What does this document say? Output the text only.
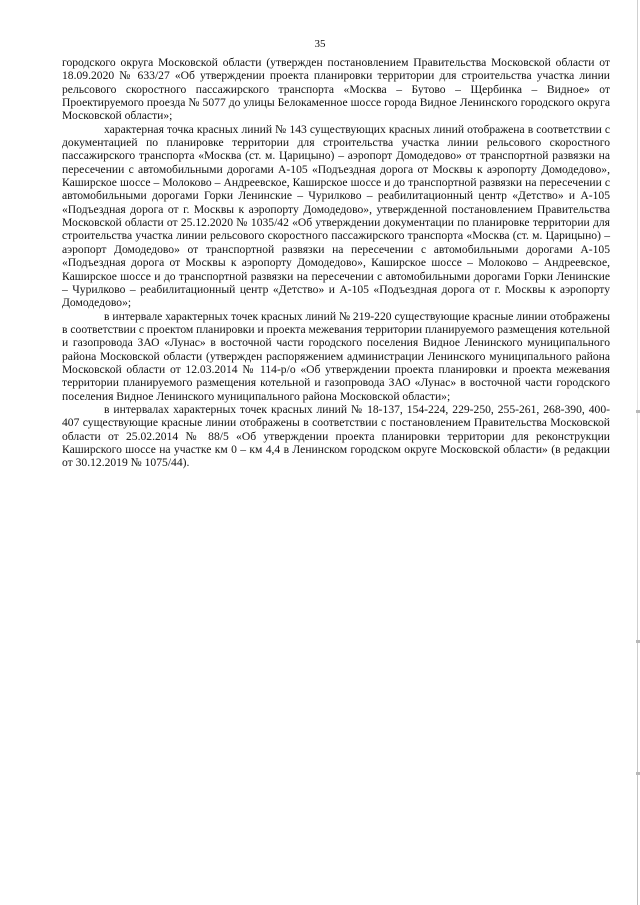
35

городского округа Московской области (утвержден постановлением Правительства Московской области от 18.09.2020 № 633/27 «Об утверждении проекта планировки территории для строительства участка линии рельсового скоростного пассажирского транспорта «Москва – Бутово – Щербинка – Видное» от Проектируемого проезда № 5077 до улицы Белокаменное шоссе города Видное Ленинского городского округа Московской области»;

характерная точка красных линий № 143 существующих красных линий отображена в соответствии с документацией по планировке территории для строительства участка линии рельсового скоростного пассажирского транспорта «Москва (ст. м. Царицыно) – аэропорт Домодедово» от транспортной развязки на пересечении с автомобильными дорогами А-105 «Подъездная дорога от Москвы к аэропорту Домодедово», Каширское шоссе – Молоково – Андреевское, Каширское шоссе и до транспортной развязки на пересечении с автомобильными дорогами Горки Ленинские – Чурилково – реабилитационный центр «Детство» и А-105 «Подъездная дорога от г. Москвы к аэропорту Домодедово», утвержденной постановлением Правительства Московской области от 25.12.2020 № 1035/42 «Об утверждении документации по планировке территории для строительства участка линии рельсового скоростного пассажирского транспорта «Москва (ст. м. Царицыно) – аэропорт Домодедово» от транспортной развязки на пересечении с автомобильными дорогами А-105 «Подъездная дорога от Москвы к аэропорту Домодедово», Каширское шоссе – Молоково – Андреевское, Каширское шоссе и до транспортной развязки на пересечении с автомобильными дорогами Горки Ленинские – Чурилково – реабилитационный центр «Детство» и А-105 «Подъездная дорога от г. Москвы к аэропорту Домодедово»;

в интервале характерных точек красных линий № 219-220 существующие красные линии отображены в соответствии с проектом планировки и проекта межевания территории планируемого размещения котельной и газопровода ЗАО «Лунас» в восточной части городского поселения Видное Ленинского муниципального района Московской области (утвержден распоряжением администрации Ленинского муниципального района Московской области от 12.03.2014 № 114-р/о «Об утверждении проекта планировки и проекта межевания территории планируемого размещения котельной и газопровода ЗАО «Лунас» в восточной части городского поселения Видное Ленинского муниципального района Московской области»;

в интервалах характерных точек красных линий № 18-137, 154-224, 229-250, 255-261, 268-390, 400-407 существующие красные линии отображены в соответствии с постановлением Правительства Московской области от 25.02.2014 № 88/5 «Об утверждении проекта планировки территории для реконструкции Каширского шоссе на участке км 0 – км 4,4 в Ленинском городском округе Московской области» (в редакции от 30.12.2019 № 1075/44).
